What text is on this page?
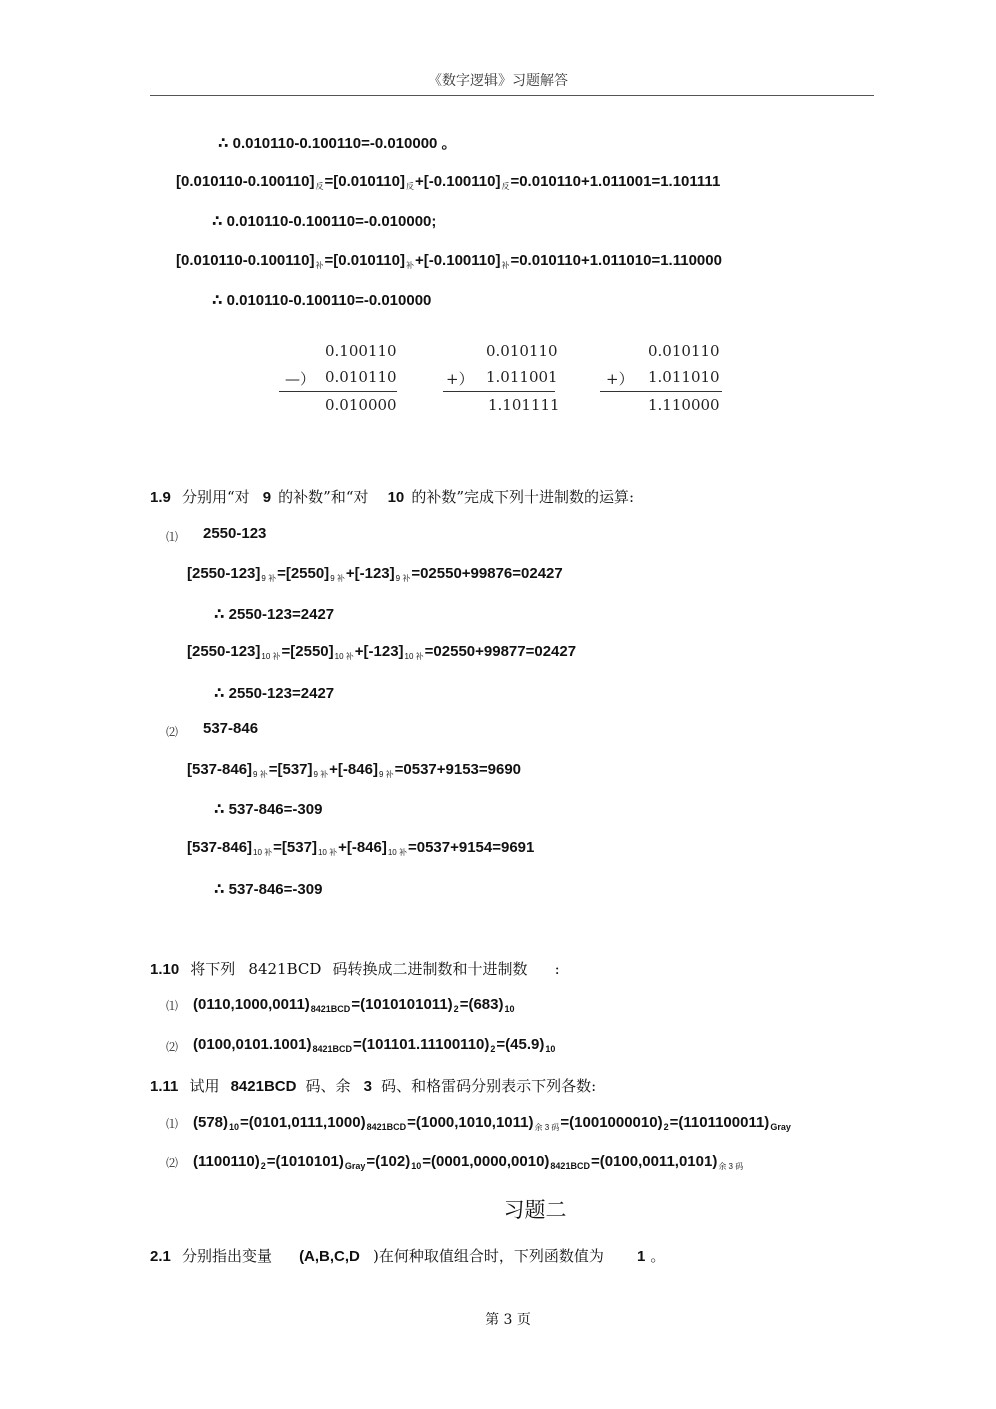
《数字逻辑》习题解答
∴ 0.010110-0.100110=-0.010000 。
$[0.010110-0.100110]_反=[0.010110]_反+[-0.100110]_反=0.010110+1.011001=1.101111$
∴ 0.010110-0.100110=-0.010000;
$[0.010110-0.100110]_补=[0.010110]_补+[-0.100110]_补=0.010110+1.011010=1.110000$
∴ 0.010110-0.100110=-0.010000
0.100110
—） 0.010110
0.010000
0.010110
+） 1.011001
1.101111
0.010110
+） 1.011010
1.110000
1.9 分别用“对 9 的补数”和“对 10 的补数”完成下列十进制数的运算:
⑴ 2550-123
$[2550-123]_{9 补}=[2550]_{9 补}+[-123]_{9 补}=02550+99876=02427$
∴ 2550-123=2427
$[2550-123]_{10 补}=[2550]_{10 补}+[-123]_{10 补}=02550+99877=02427$
∴ 2550-123=2427
⑵ 537-846
$[537-846]_{9 补}=[537]_{9 补}+[-846]_{9 补}=0537+9153=9690$
∴ 537-846=-309
$[537-846]_{10 补}=[537]_{10 补}+[-846]_{10 补}=0537+9154=9691$
∴ 537-846=-309
1.10 将下列 8421BCD 码转换成二进制数和十进制数 :
⑴ $(0110,1000,0011)_{8421BCD}=(1010101011)_2=(683)_{10}$
⑵ $(0100,0101.1001)_{8421BCD}=(101101.11100110)_2=(45.9)_{10}$
1.11 试用 8421BCD 码、余 3 码、和格雷码分别表示下列各数:
⑴ $(578)_{10}=(0101,0111,1000)_{8421BCD}=(1000,1010,1011)_{余 3 码}=(1001000010)_2=(1101100011)_{Gray}$
⑵ $(1100110)_2=(1010101)_{Gray}=(102)_{10}=(0001,0000,0010)_{8421BCD}=(0100,0011,0101)_{余 3 码}$
习题二
2.1 分别指出变量 (A,B,C,D )在何种取值组合时，下列函数值为 1 。
第 3 页
